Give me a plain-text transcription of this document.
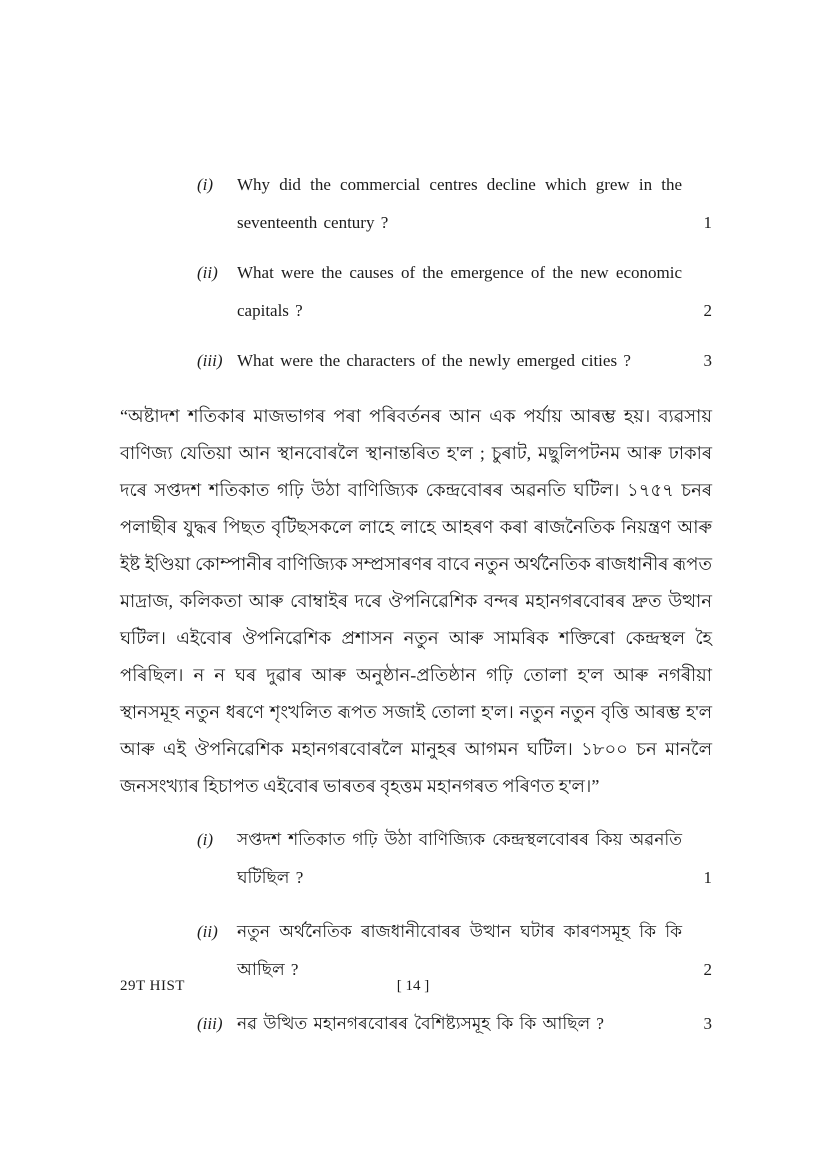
(i)	Why did the commercial centres decline which grew in the seventeenth century ?	1
(ii)	What were the causes of the emergence of the new economic capitals ?	2
(iii) What were the characters of the newly emerged cities ?	3

“অষ্টাদশ শতিকাৰ মাজভাগৰ পৰা পৰিবৰ্তনৰ আন এক পৰ্যায় আৰম্ভ হয়। ব্যৱসায় বাণিজ্য যেতিয়া আন স্থানবোৰলৈ স্থানান্তৰিত হ'ল ; চুৰাট, মছুলিপটনম আৰু ঢাকাৰ দৰে সপ্তদশ শতিকাত গঢ়ি উঠা বাণিজ্যিক কেন্দ্ৰবোৰৰ অৱনতি ঘটিল। ১৭৫৭ চনৰ পলাছীৰ যুদ্ধৰ পিছত বৃটিছসকলে লাহে লাহে আহৰণ কৰা ৰাজনৈতিক নিয়ন্ত্ৰণ আৰু ইষ্ট ইণ্ডিয়া কোম্পানীৰ বাণিজ্যিক সম্প্ৰসাৰণৰ বাবে নতুন অৰ্থনৈতিক ৰাজধানীৰ ৰূপত মাদ্ৰাজ, কলিকতা আৰু বোম্বাইৰ দৰে ঔপনিৱেশিক বন্দৰ মহানগৰবোৰৰ দ্ৰুত উত্থান ঘটিল। এইবোৰ ঔপনিৱেশিক প্ৰশাসন নতুন আৰু সামৰিক শক্তিৰো কেন্দ্ৰস্থল হৈ পৰিছিল। ন ন ঘৰ দুৱাৰ আৰু অনুষ্ঠান-প্ৰতিষ্ঠান গঢ়ি তোলা হ'ল আৰু নগৰীয়া স্থানসমূহ নতুন ধৰণে শৃংখলিত ৰূপত সজাই তোলা হ'ল। নতুন নতুন বৃত্তি আৰম্ভ হ'ল আৰু এই ঔপনিৱেশিক মহানগৰবোৰলৈ মানুহৰ আগমন ঘটিল। ১৮০০ চন মানলৈ জনসংখ্যাৰ হিচাপত এইবোৰ ভাৰতৰ বৃহত্তম মহানগৰত পৰিণত হ'ল।”

(i)	সপ্তদশ শতিকাত গঢ়ি উঠা বাণিজ্যিক কেন্দ্ৰস্থলবোৰৰ কিয় অৱনতি ঘটিছিল ?	1
(ii)	নতুন অৰ্থনৈতিক ৰাজধানীবোৰৰ উত্থান ঘটাৰ কাৰণসমূহ কি কি আছিল ?	2
(iii) নৱ উত্থিত মহানগৰবোৰৰ বৈশিষ্ট্যসমূহ কি কি আছিল ?	3
29T HIST	[ 14 ]
